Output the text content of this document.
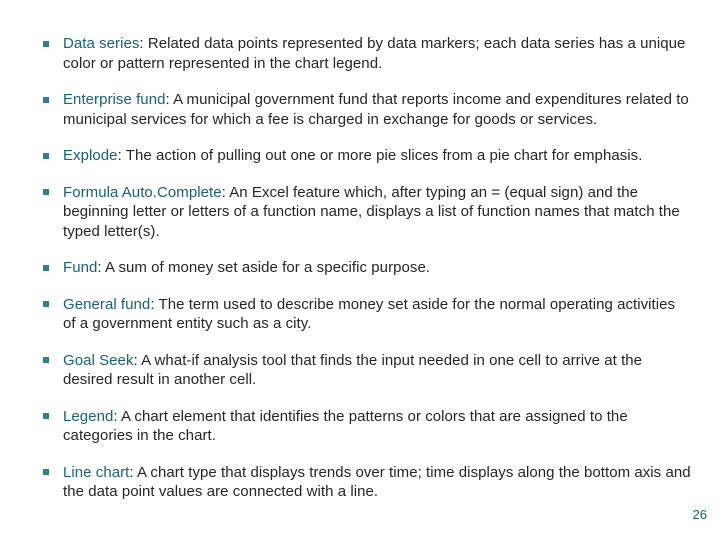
Data series: Related data points represented by data markers; each data series has a unique color or pattern represented in the chart legend.
Enterprise fund: A municipal government fund that reports income and expenditures related to municipal services for which a fee is charged in exchange for goods or services.
Explode: The action of pulling out one or more pie slices from a pie chart for emphasis.
Formula Auto.Complete: An Excel feature which, after typing an = (equal sign) and the beginning letter or letters of a function name, displays a list of function names that match the typed letter(s).
Fund: A sum of money set aside for a specific purpose.
General fund: The term used to describe money set aside for the normal operating activities of a government entity such as a city.
Goal Seek: A what-if analysis tool that finds the input needed in one cell to arrive at the desired result in another cell.
Legend: A chart element that identifies the patterns or colors that are assigned to the categories in the chart.
Line chart: A chart type that displays trends over time; time displays along the bottom axis and the data point values are connected with a line.
26
